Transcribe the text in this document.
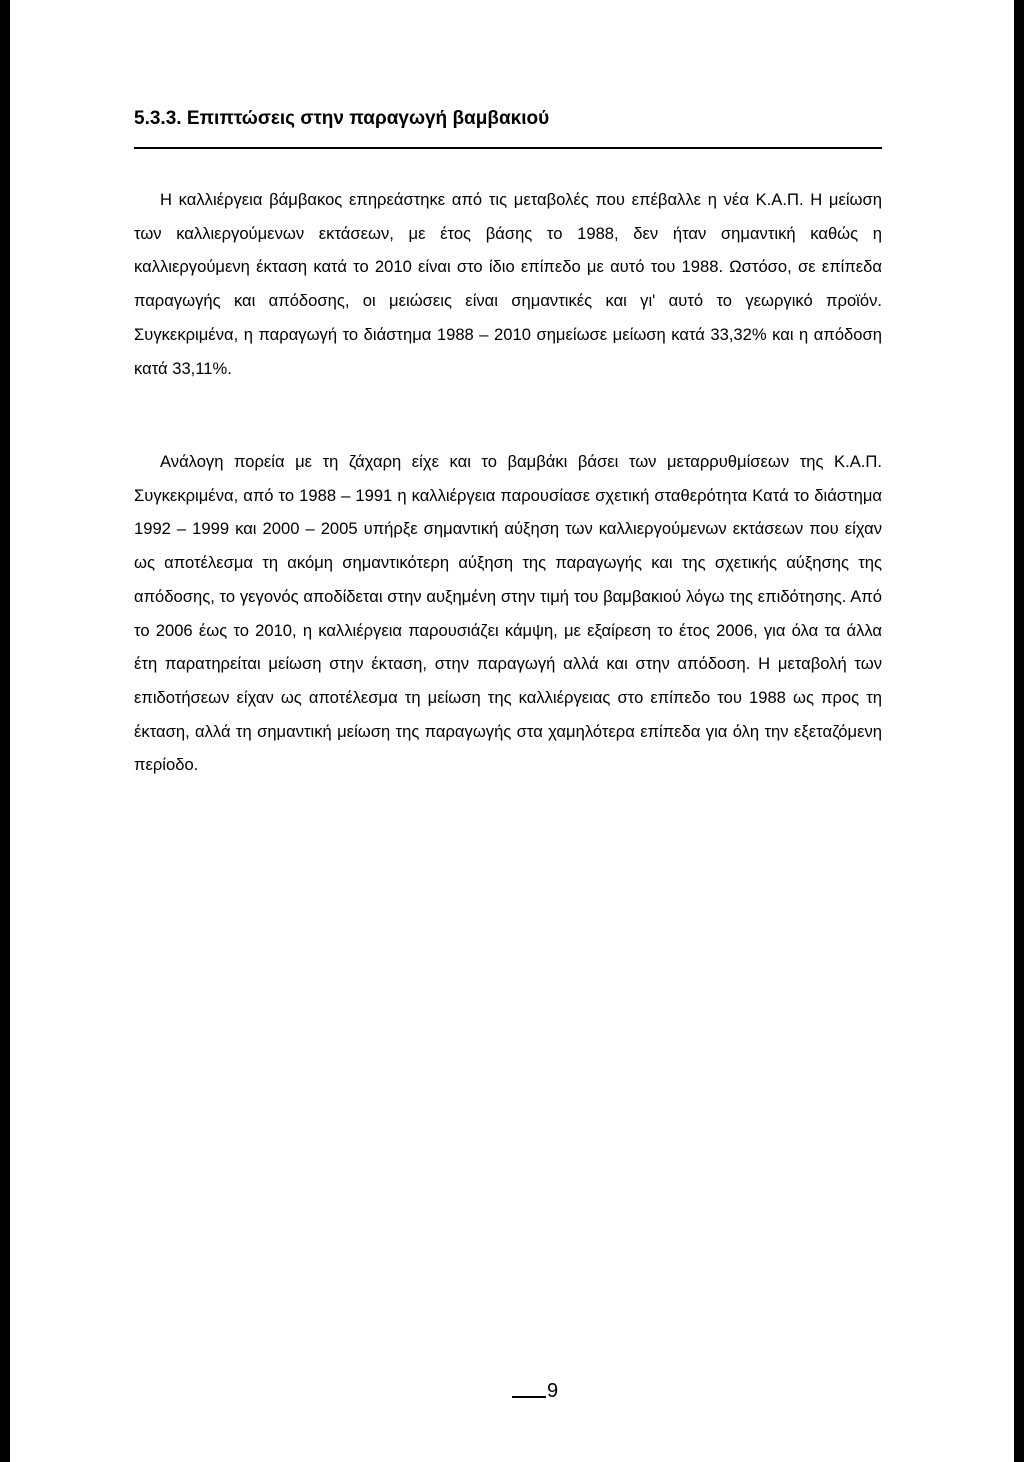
5.3.3. Επιπτώσεις στην παραγωγή βαμβακιού

Η καλλιέργεια βάμβακος επηρεάστηκε από τις μεταβολές που επέβαλλε η νέα Κ.Α.Π. Η μείωση των καλλιεργούμενων εκτάσεων, με έτος βάσης το 1988, δεν ήταν σημαντική καθώς η καλλιεργούμενη έκταση κατά το 2010 είναι στο ίδιο επίπεδο με αυτό του 1988. Ωστόσο, σε επίπεδα παραγωγής και απόδοσης, οι μειώσεις είναι σημαντικές και γι' αυτό το γεωργικό προϊόν. Συγκεκριμένα, η παραγωγή το διάστημα 1988 – 2010 σημείωσε μείωση κατά 33,32% και η απόδοση κατά 33,11%.

Ανάλογη πορεία με τη ζάχαρη είχε και το βαμβάκι βάσει των μεταρρυθμίσεων της Κ.Α.Π. Συγκεκριμένα, από το 1988 – 1991 η καλλιέργεια παρουσίασε σχετική σταθερότητα Κατά το διάστημα 1992 – 1999 και 2000 – 2005 υπήρξε σημαντική αύξηση των καλλιεργούμενων εκτάσεων που είχαν ως αποτέλεσμα τη ακόμη σημαντικότερη αύξηση της παραγωγής και της σχετικής αύξησης της απόδοσης, το γεγονός αποδίδεται στην αυξημένη στην τιμή του βαμβακιού λόγω της επιδότησης. Από το 2006 έως το 2010, η καλλιέργεια παρουσιάζει κάμψη, με εξαίρεση το έτος 2006, για όλα τα άλλα έτη παρατηρείται μείωση στην έκταση, στην παραγωγή αλλά και στην απόδοση. Η μεταβολή των επιδοτήσεων είχαν ως αποτέλεσμα τη μείωση της καλλιέργειας στο επίπεδο του 1988 ως προς τη έκταση, αλλά τη σημαντική μείωση της παραγωγής στα χαμηλότερα επίπεδα για όλη την εξεταζόμενη περίοδο.

9
